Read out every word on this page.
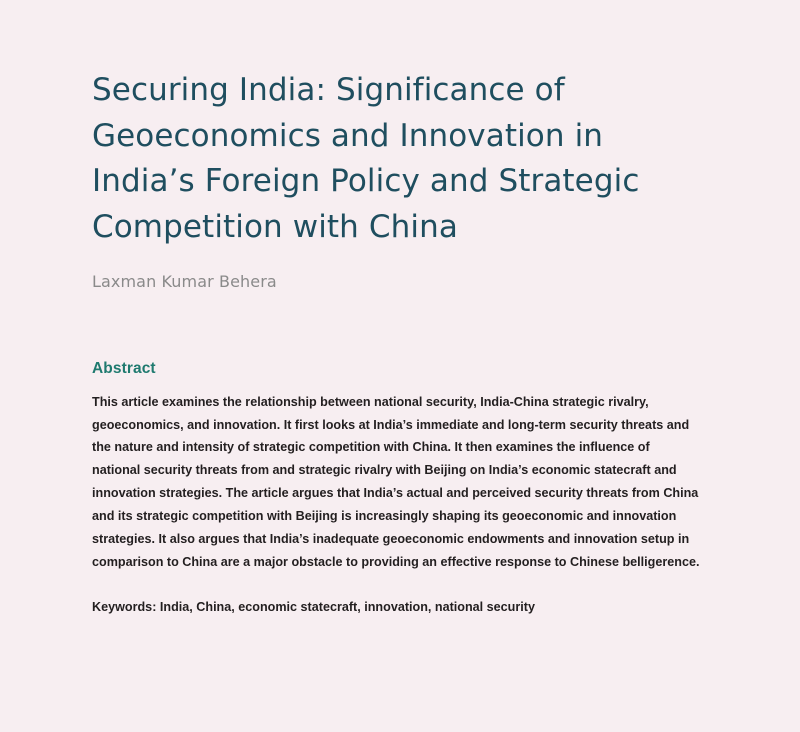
Securing India: Significance of Geoeconomics and Innovation in India’s Foreign Policy and Strategic Competition with China
Laxman Kumar Behera
Abstract
This article examines the relationship between national security, India-China strategic rivalry, geoeconomics, and innovation. It first looks at India’s immediate and long-term security threats and the nature and intensity of strategic competition with China. It then examines the influence of national security threats from and strategic rivalry with Beijing on India’s economic statecraft and innovation strategies. The article argues that India’s actual and perceived security threats from China and its strategic competition with Beijing is increasingly shaping its geoeconomic and innovation strategies. It also argues that India’s inadequate geoeconomic endowments and innovation setup in comparison to China are a major obstacle to providing an effective response to Chinese belligerence.
Keywords: India, China, economic statecraft, innovation, national security
